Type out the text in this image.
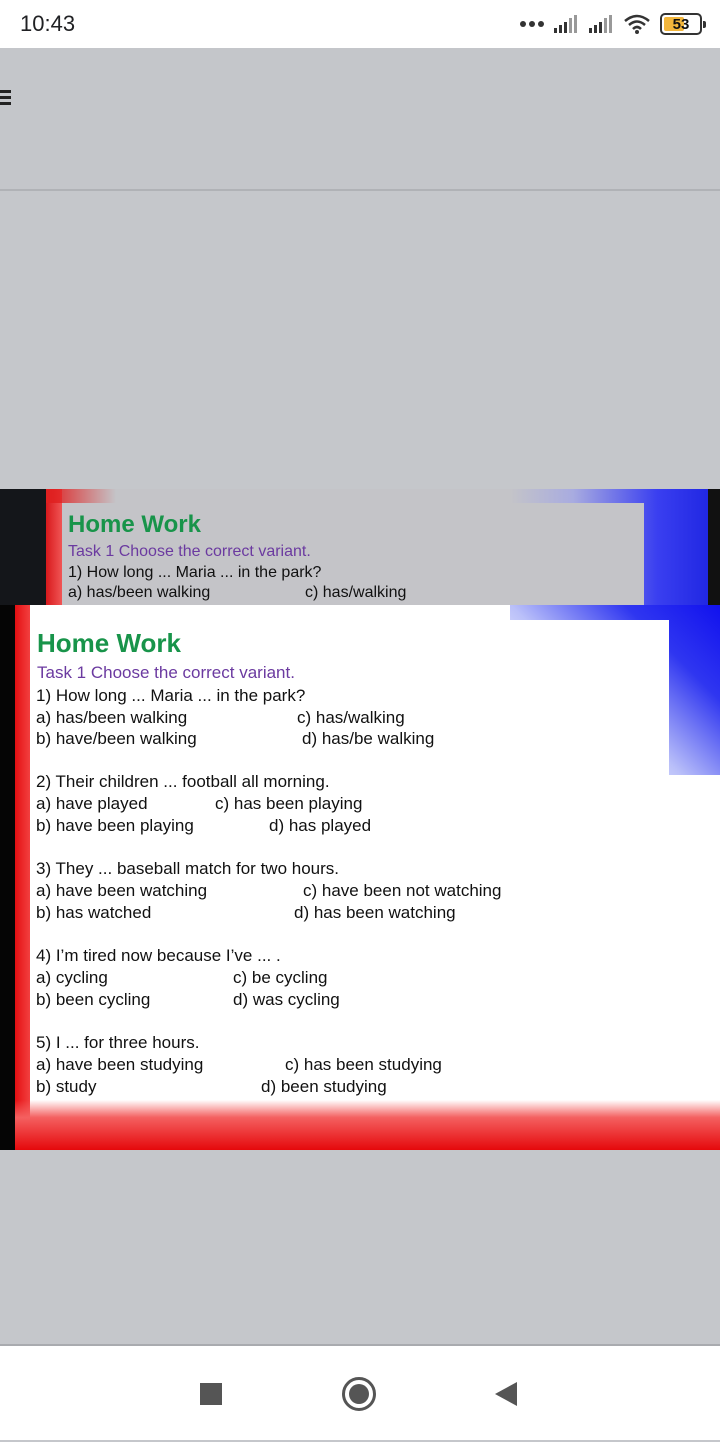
10:43	53
Home Work
Task 1 Choose the correct variant.
1) How long ... Maria ... in the park?
a) has/been walking	c) has/walking
Home Work
Task 1 Choose the correct variant.
1) How long ... Maria ... in the park?
a) has/been walking	c) has/walking
b) have/been walking	d) has/be walking
2) Their children ... football all morning.
a) have played	c) has been playing
b) have been playing	d) has played
3) They ... baseball match for two hours.
a) have been watching	c) have been not watching
b) has watched	d) has been watching
4) I’m tired now because I’ve ... .
a) cycling	c) be cycling
b) been cycling	d) was cycling
5) I ... for three hours.
a) have been studying	c) has been studying
b) study	d) been studying
